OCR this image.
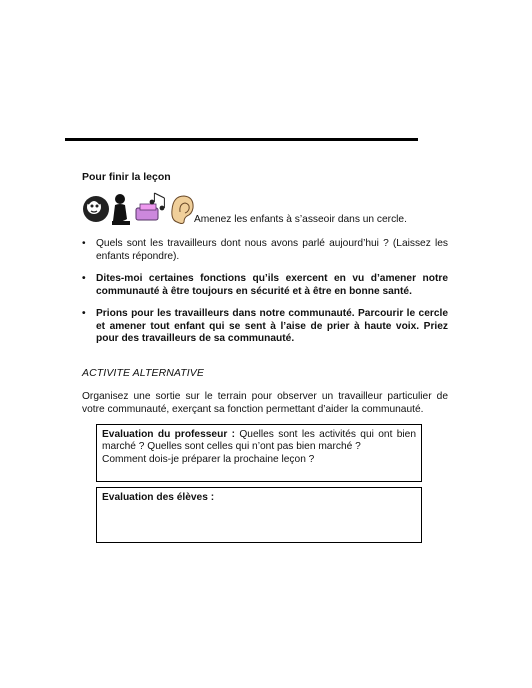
Pour finir la leçon
Amenez les enfants à s’asseoir dans un cercle.
• Quels sont les travailleurs dont nous avons parlé aujourd’hui ? (Laissez les enfants répondre).
• Dites-moi certaines fonctions qu’ils exercent en vu d’amener notre communauté à être toujours en sécurité et à être en bonne santé.
• Prions pour les travailleurs dans notre communauté. Parcourir le cercle et amener tout enfant qui se sent à l’aise de prier à haute voix. Priez pour des travailleurs de sa communauté.
ACTIVITE ALTERNATIVE
Organisez une sortie sur le terrain pour observer un travailleur particulier de votre communauté, exerçant sa fonction permettant d’aider la communauté.
Evaluation du professeur : Quelles sont les activités qui ont bien marché ? Quelles sont celles qui n’ont pas bien marché ?
Comment dois-je préparer la prochaine leçon ?
Evaluation des élèves :
